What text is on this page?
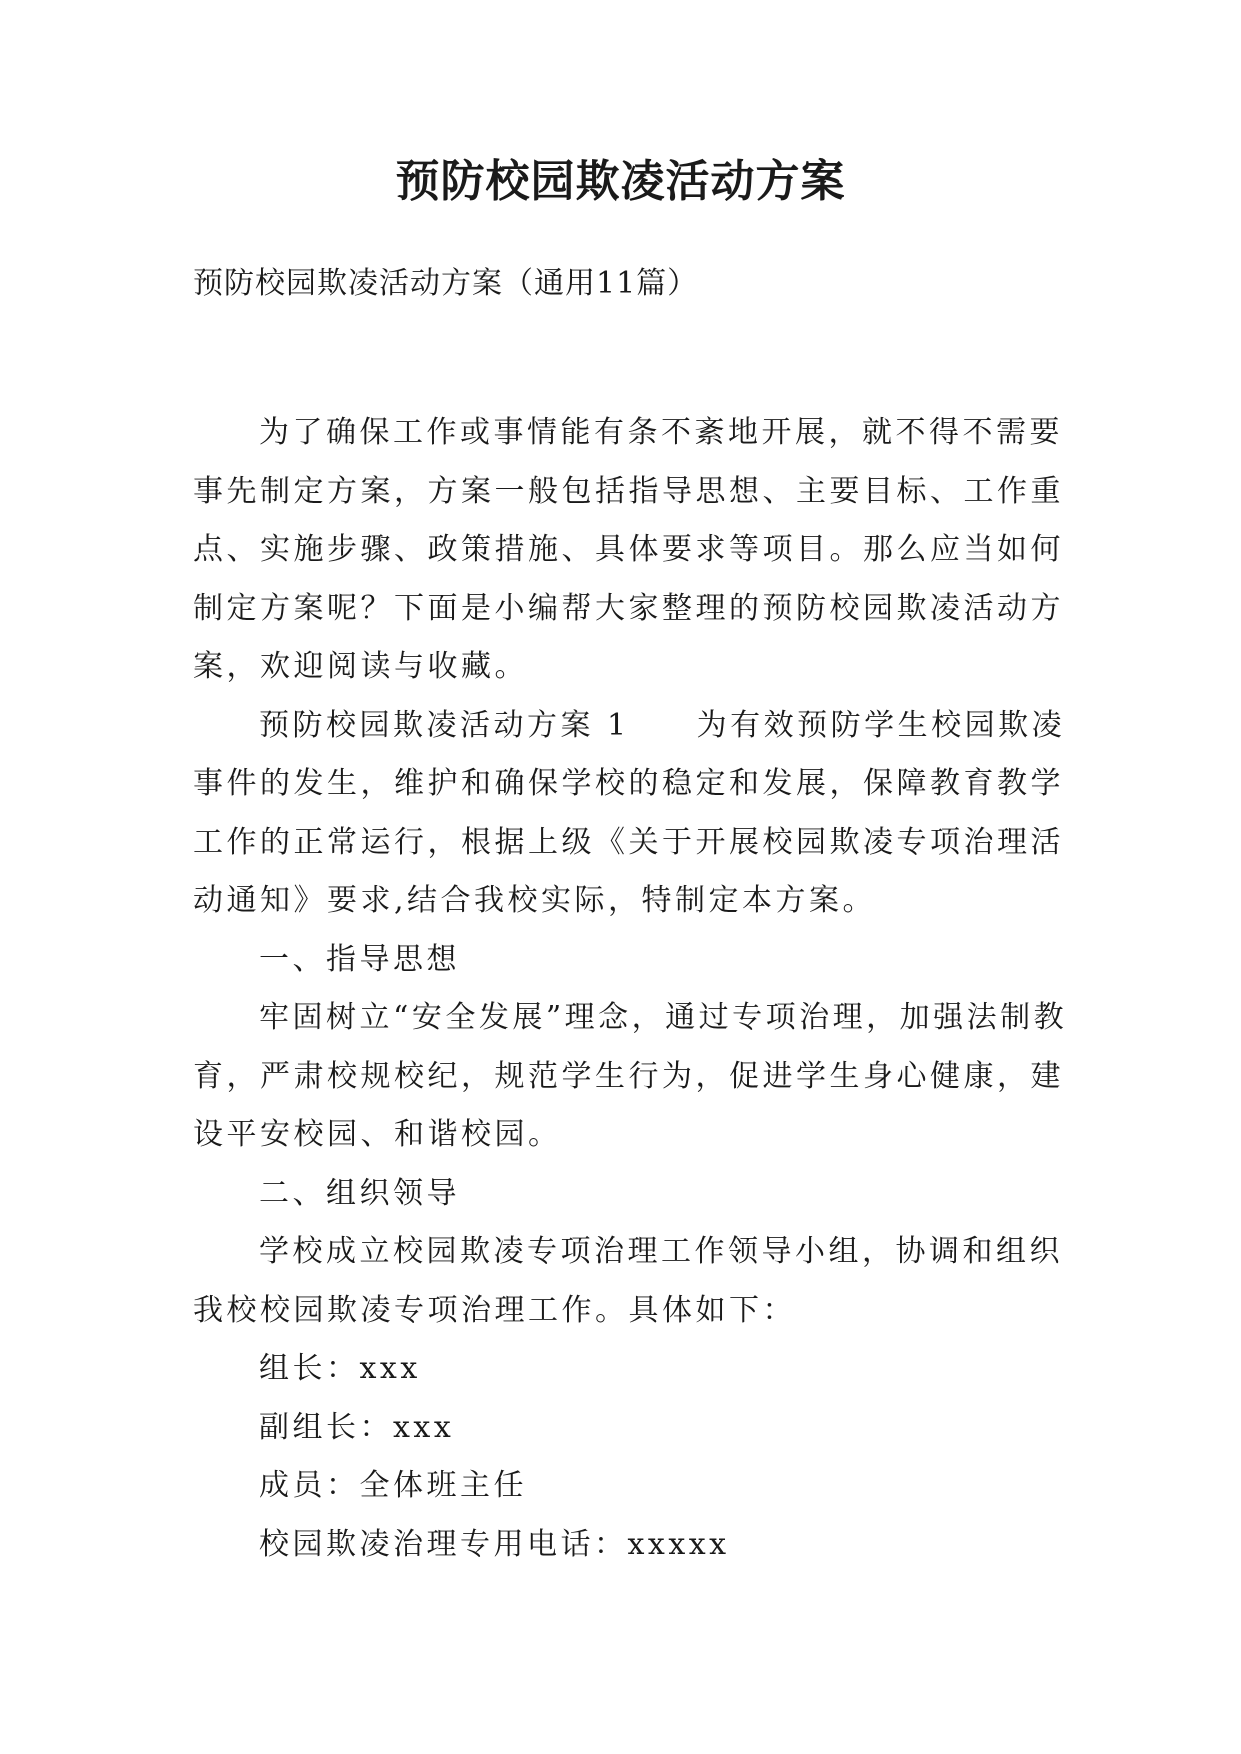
预防校园欺凌活动方案

预防校园欺凌活动方案（通用11篇）

为了确保工作或事情能有条不紊地开展，就不得不需要事先制定方案，方案一般包括指导思想、主要目标、工作重点、实施步骤、政策措施、具体要求等项目。那么应当如何制定方案呢？下面是小编帮大家整理的预防校园欺凌活动方案，欢迎阅读与收藏。

预防校园欺凌活动方案 1　　为有效预防学生校园欺凌事件的发生，维护和确保学校的稳定和发展，保障教育教学工作的正常运行，根据上级《关于开展校园欺凌专项治理活动通知》要求,结合我校实际，特制定本方案。

一、指导思想

牢固树立“安全发展”理念，通过专项治理，加强法制教育，严肃校规校纪，规范学生行为，促进学生身心健康，建设平安校园、和谐校园。

二、组织领导

学校成立校园欺凌专项治理工作领导小组，协调和组织我校校园欺凌专项治理工作。具体如下：

组长：xxx

副组长：xxx

成员：全体班主任

校园欺凌治理专用电话：xxxxx
